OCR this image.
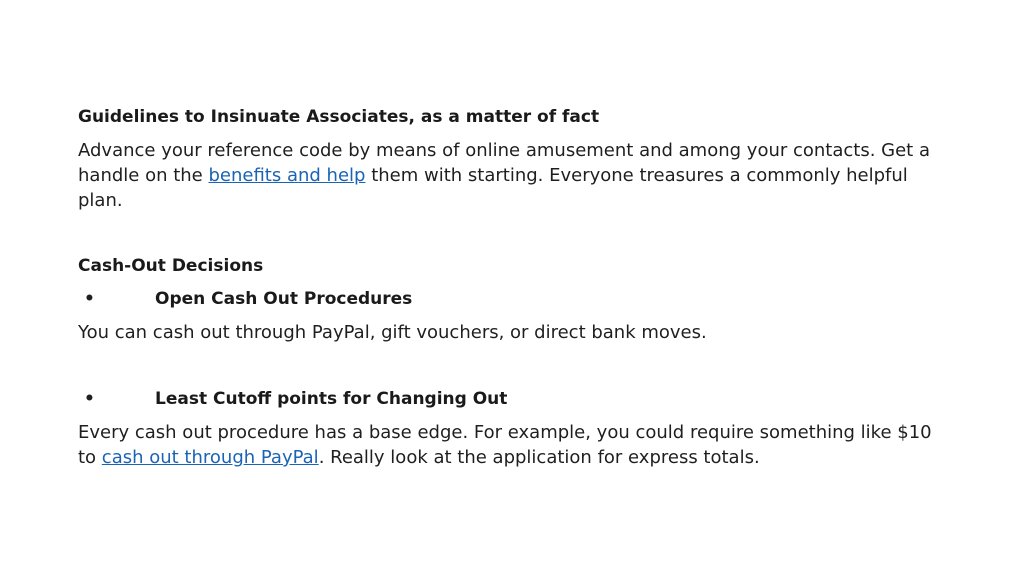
Guidelines to Insinuate Associates, as a matter of fact

Advance your reference code by means of online amusement and among your contacts. Get a handle on the benefits and help them with starting. Everyone treasures a commonly helpful plan.

Cash-Out Decisions
•	Open Cash Out Procedures

You can cash out through PayPal, gift vouchers, or direct bank moves.

•	Least Cutoff points for Changing Out

Every cash out procedure has a base edge. For example, you could require something like $10 to cash out through PayPal. Really look at the application for express totals.
